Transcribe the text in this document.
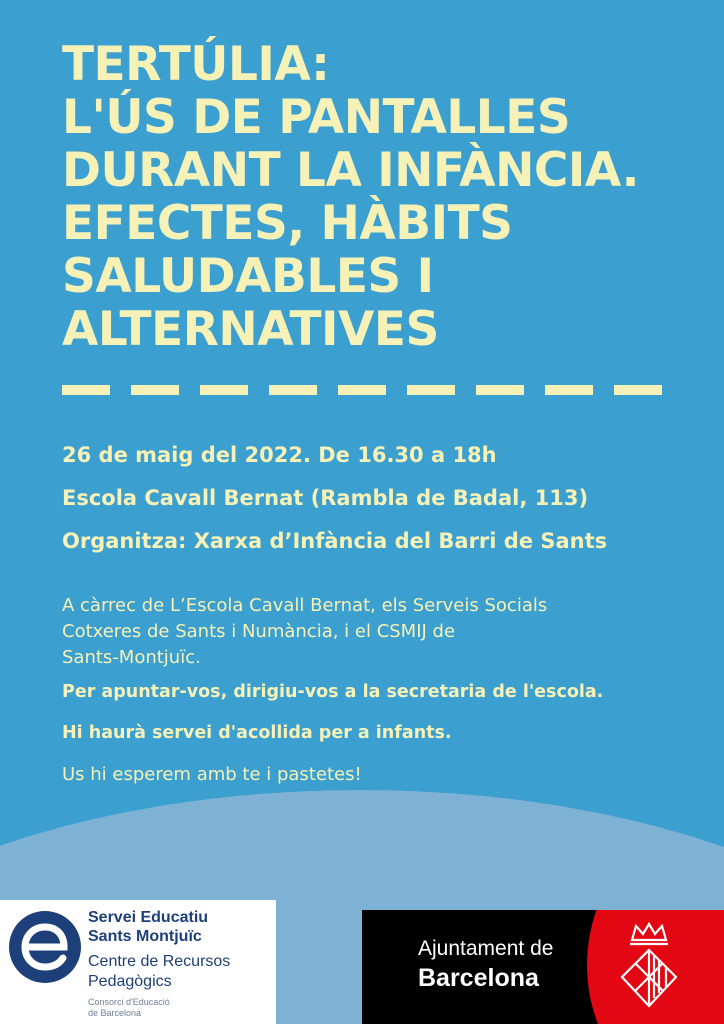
TERTÚLIA:
L'ÚS DE PANTALLES
DURANT LA INFÀNCIA.
EFECTES, HÀBITS
SALUDABLES I
ALTERNATIVES

26 de maig del 2022. De 16.30 a 18h

Escola Cavall Bernat (Rambla de Badal, 113)

Organitza: Xarxa d’Infància del Barri de Sants

A càrrec de L’Escola Cavall Bernat, els Serveis Socials
Cotxeres de Sants i Numància, i el CSMIJ de
Sants-Montjuïc.

Per apuntar-vos, dirigiu-vos a la secretaria de l'escola.

Hi haurà servei d'acollida per a infants.

Us hi esperem amb te i pastetes!

Servei Educatiu
Sants Montjuïc
Centre de Recursos
Pedagògics
Consorci d'Educació
de Barcelona
Ajuntament de
Barcelona
